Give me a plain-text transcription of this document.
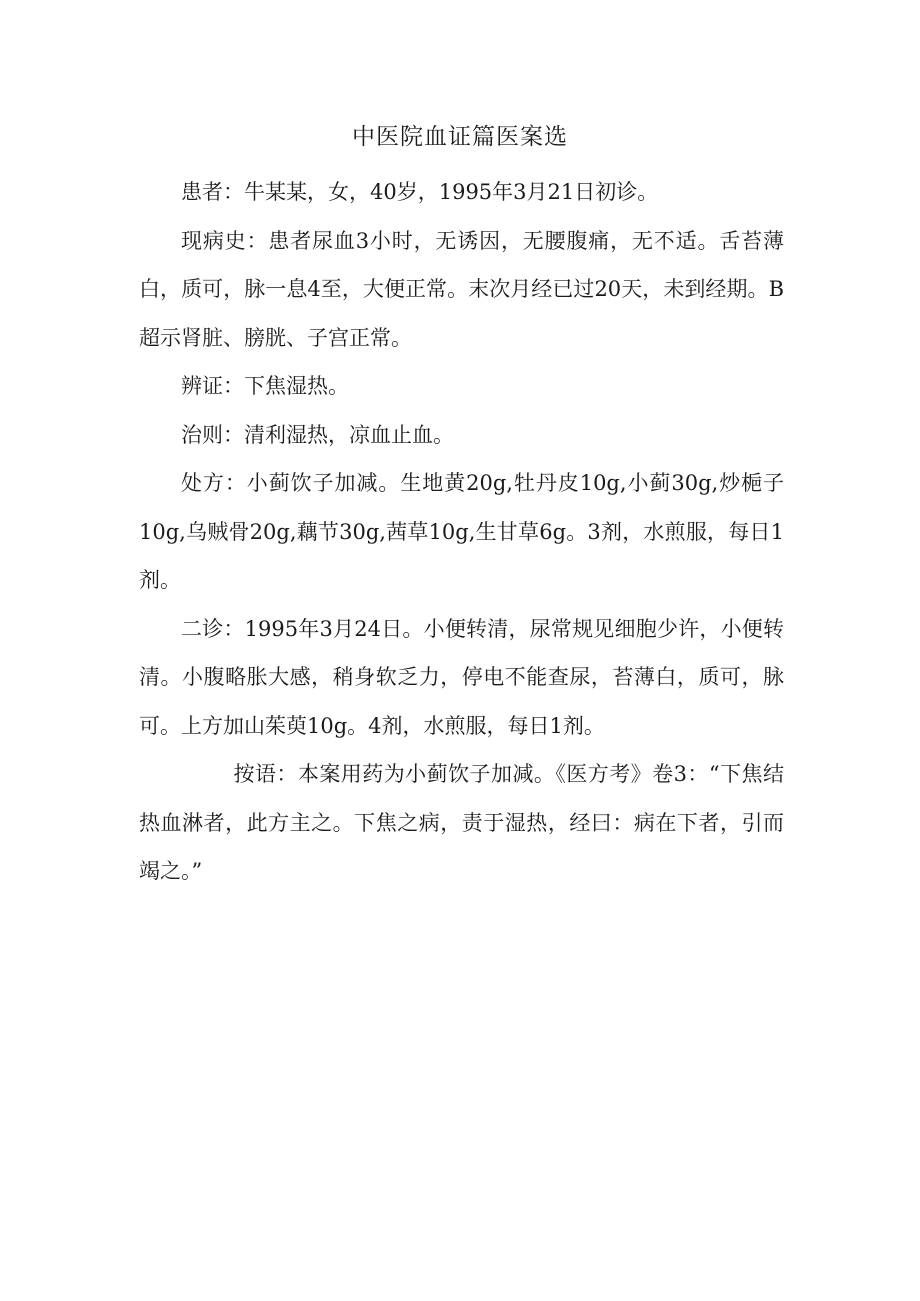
中医院血证篇医案选

患者：牛某某，女，40岁，1995年3月21日初诊。

现病史：患者尿血3小时，无诱因，无腰腹痛，无不适。舌苔薄白，质可，脉一息4至，大便正常。末次月经已过20天，未到经期。B超示肾脏、膀胱、子宫正常。

辨证：下焦湿热。

治则：清利湿热，凉血止血。

处方：小蓟饮子加减。生地黄20g,牡丹皮10g,小蓟30g,炒梔子10g,乌贼骨20g,藕节30g,茜草10g,生甘草6g。3剂，水煎服，每日1剂。

二诊：1995年3月24日。小便转清，尿常规见细胞少许，小便转清。小腹略胀大感，稍身软乏力，停电不能查尿，苔薄白，质可，脉可。上方加山茱萸10g。4剂，水煎服，每日1剂。

按语：本案用药为小蓟饮子加减。《医方考》卷3：“下焦结热血淋者，此方主之。下焦之病，责于湿热，经曰：病在下者，引而竭之。”
